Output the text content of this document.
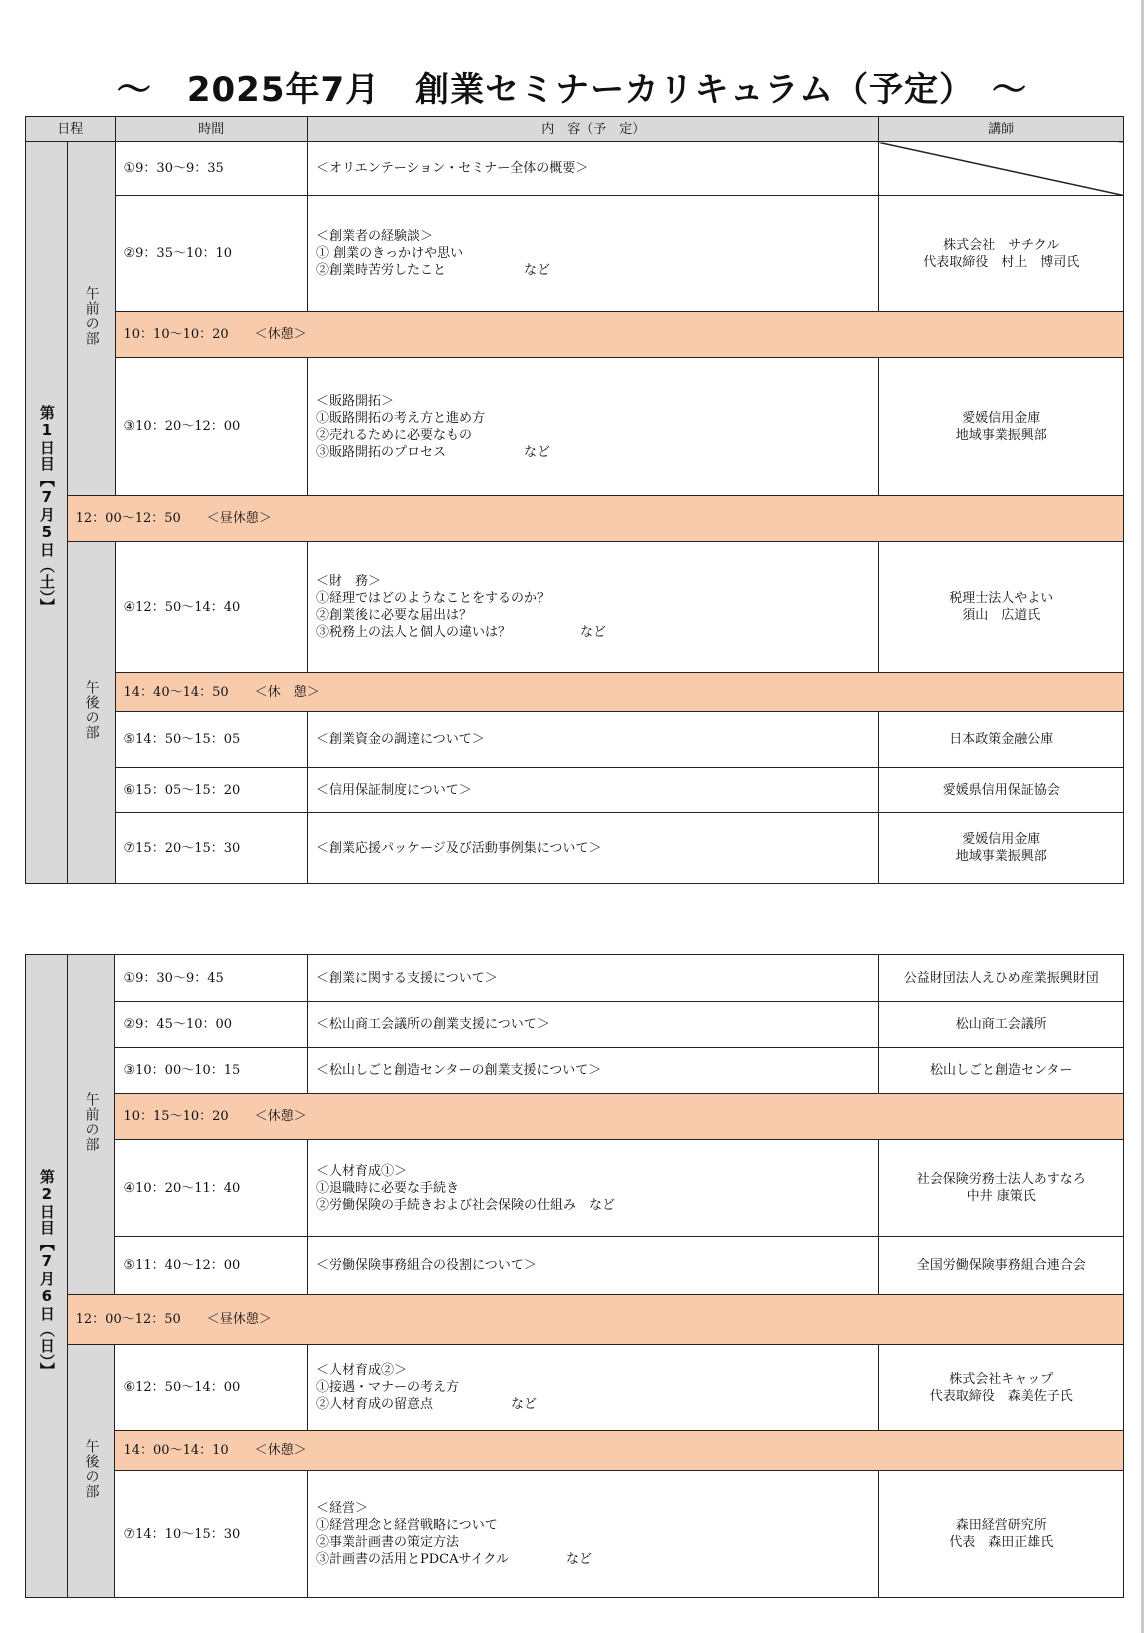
～　2025年7月　創業セミナーカリキュラム（予定）　～
日程		時間	内　容（予　定）	講師
第1日目【7月5日（土）】	午前の部	①9：30～9：35	＜オリエンテーション・セミナー全体の概要＞	

		②9：35～10：10	＜創業者の経験談＞
① 創業のきっかけや思い
②創業時苦労したこと など	株式会社　サチクル
代表取締役　村上　博司氏

		10：10～10：20 ＜休憩＞		
		③10：20～12：00	＜販路開拓＞
①販路開拓の考え方と進め方
②売れるために必要なもの
③販路開拓のプロセス など	愛媛信用金庫
地域事業振興部

	12：00～12：50 ＜昼休憩＞			
	午後の部	④12：50～14：40	＜財　務＞
①経理ではどのようなことをするのか？
②創業後に必要な届出は？
③税務上の法人と個人の違いは？ など	税理士法人やよい
須山　広道氏

		14：40～14：50 ＜休　憩＞		
		⑤14：50～15：05	＜創業資金の調達について＞	日本政策金融公庫

		⑥15：05～15：20	＜信用保証制度について＞	愛媛県信用保証協会

		⑦15：20～15：30	＜創業応援パッケージ及び活動事例集について＞	愛媛信用金庫
地域事業振興部
第2日目【7月6日（日）】	午前の部	①9：30～9：45	＜創業に関する支援について＞	公益財団法人えひめ産業振興財団

		②9：45～10：00	＜松山商工会議所の創業支援について＞	松山商工会議所

		③10：00～10：15	＜松山しごと創造センターの創業支援について＞	松山しごと創造センター

		10：15～10：20 ＜休憩＞		
		④10：20～11：40	＜人材育成①＞
①退職時に必要な手続き
②労働保険の手続きおよび社会保険の仕組み　など	社会保険労務士法人あすなろ
中井 康策氏

		⑤11：40～12：00	＜労働保険事務組合の役割について＞	全国労働保険事務組合連合会

	12：00～12：50 ＜昼休憩＞			
	午後の部	⑥12：50～14：00	＜人材育成②＞
①接遇・マナーの考え方
②人材育成の留意点 など	株式会社キャップ
代表取締役　森美佐子氏

		14：00～14：10 ＜休憩＞		
		⑦14：10～15：30	＜経営＞
①経営理念と経営戦略について
②事業計画書の策定方法
③計画書の活用とPDCAサイクル など	森田経営研究所
代表　森田正雄氏
